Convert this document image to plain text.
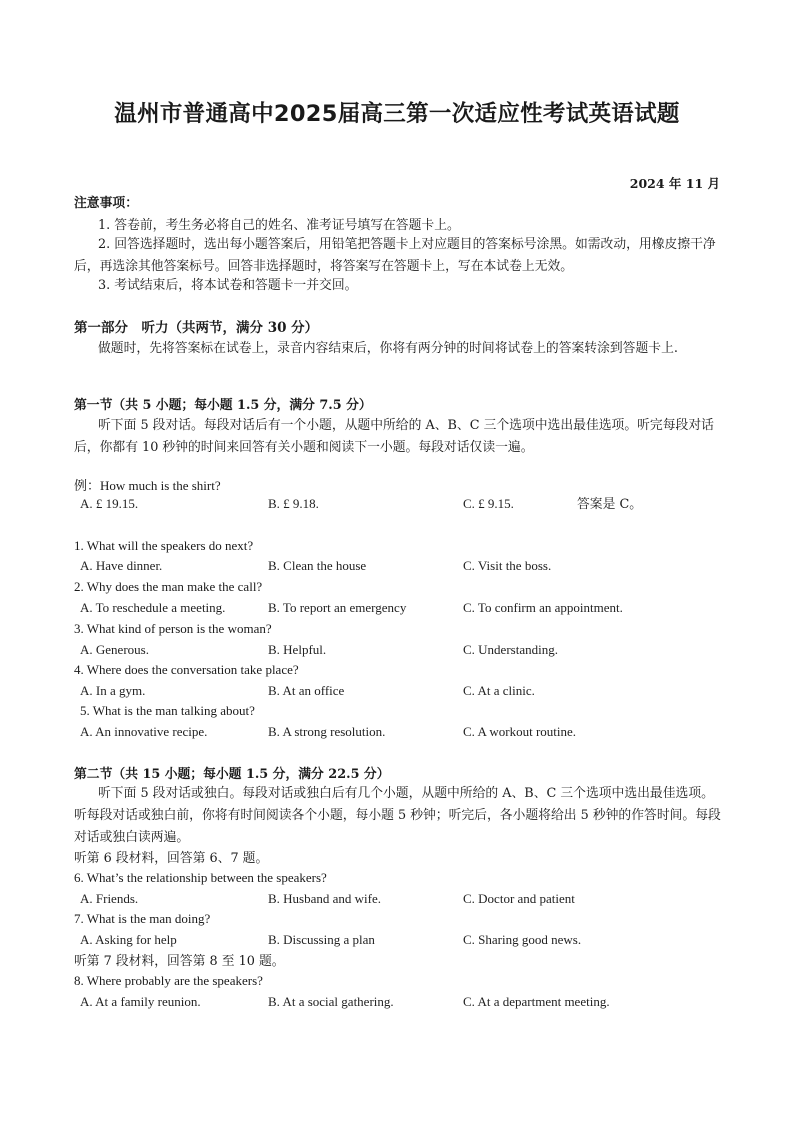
温州市普通高中2025届高三第一次适应性考试英语试题
2024 年 11 月
注意事项：
1. 答卷前，考生务必将自己的姓名、准考证号填写在答题卡上。
2. 回答选择题时，选出每小题答案后，用铅笔把答题卡上对应题目的答案标号涂黑。如需改动，用橡皮擦干净后，再选涂其他答案标号。回答非选择题时，将答案写在答题卡上，写在本试卷上无效。
3. 考试结束后，将本试卷和答题卡一并交回。
第一部分　听力（共两节，满分 30 分）
做题时，先将答案标在试卷上，录音内容结束后，你将有两分钟的时间将试卷上的答案转涂到答题卡上.
第一节（共 5 小题；每小题 1.5 分，满分 7.5 分）
听下面 5 段对话。每段对话后有一个小题，从题中所给的 A、B、C 三个选项中选出最佳选项。听完每段对话后，你都有 10 秒钟的时间来回答有关小题和阅读下一小题。每段对话仅读一遍。
例：How much is the shirt?
A. £ 19.15.	B. £ 9.18.	C. £ 9.15.	答案是 C。
1. What will the speakers do next?
A. Have dinner.	B. Clean the house	C. Visit the boss.
2. Why does the man make the call?
A. To reschedule a meeting.	B. To report an emergency	C. To confirm an appointment.
3. What kind of person is the woman?
A. Generous.	B. Helpful.	C. Understanding.
4. Where does the conversation take place?
A. In a gym.	B. At an office	C. At a clinic.
5. What is the man talking about?
A. An innovative recipe.	B. A strong resolution.	C. A workout routine.
第二节（共 15 小题；每小题 1.5 分，满分 22.5 分）
听下面 5 段对话或独白。每段对话或独白后有几个小题，从题中所给的 A、B、C 三个选项中选出最佳选项。听每段对话或独白前，你将有时间阅读各个小题，每小题 5 秒钟；听完后，各小题将给出 5 秒钟的作答时间。每段对话或独白读两遍。
听第 6 段材料，回答第 6、7 题。
6. What’s the relationship between the speakers?
A. Friends.	B. Husband and wife.	C. Doctor and patient
7. What is the man doing?
A. Asking for help	B. Discussing a plan	C. Sharing good news.
听第 7 段材料，回答第 8 至 10 题。
8. Where probably are the speakers?
A. At a family reunion.	B. At a social gathering.	C. At a department meeting.
